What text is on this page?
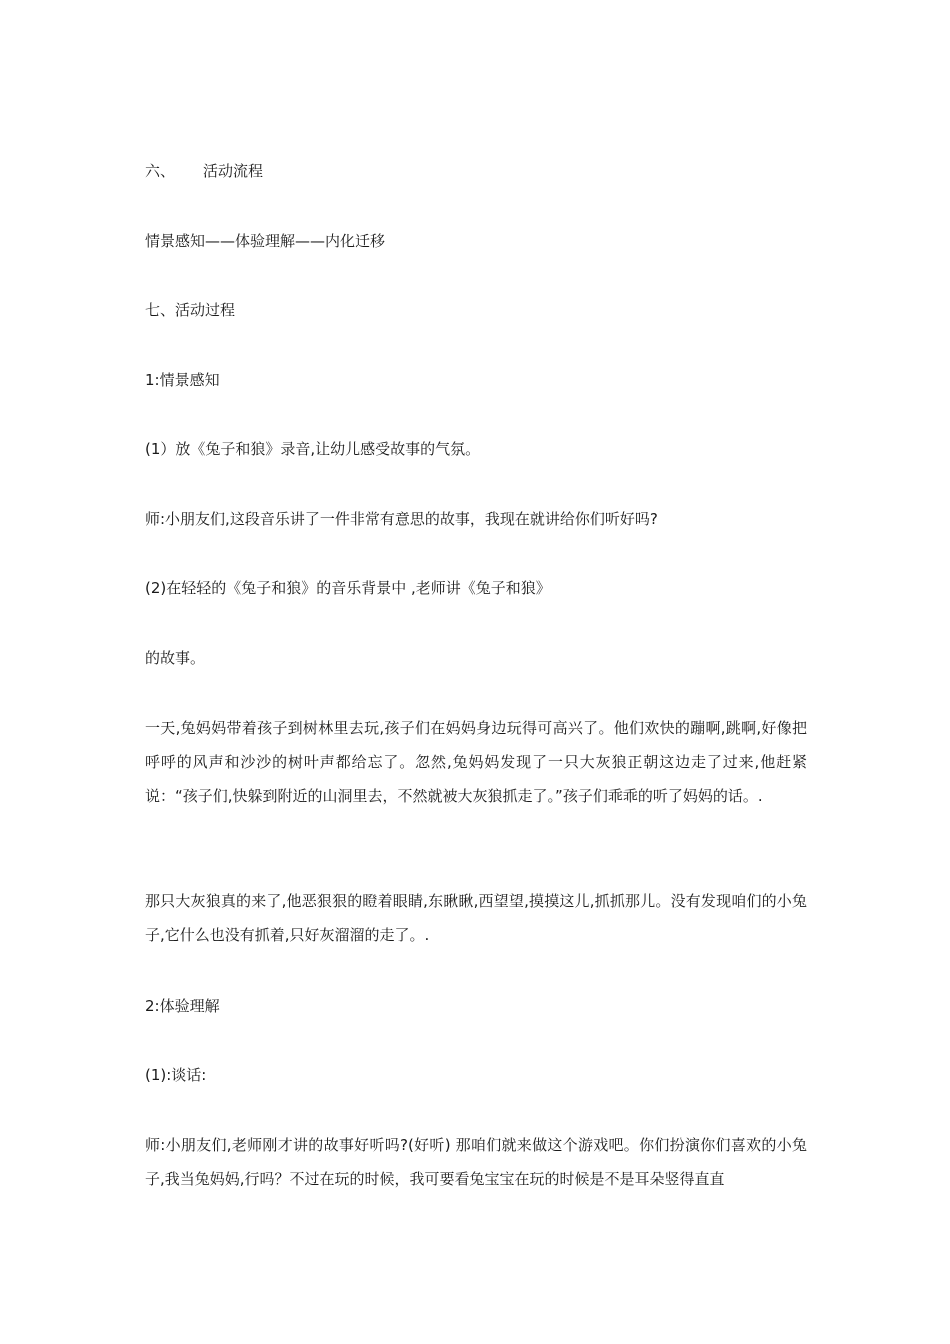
六、 活动流程

情景感知——体验理解——内化迁移

七、活动过程

1:情景感知

(1）放《兔子和狼》录音,让幼儿感受故事的气氛。

师:小朋友们,这段音乐讲了一件非常有意思的故事，我现在就讲给你们听好吗?

(2)在轻轻的《兔子和狼》的音乐背景中 ,老师讲《兔子和狼》

的故事。

一天,兔妈妈带着孩子到树林里去玩,孩子们在妈妈身边玩得可高兴了。他们欢快的蹦啊,跳啊,好像把呼呼的风声和沙沙的树叶声都给忘了。忽然,兔妈妈发现了一只大灰狼正朝这边走了过来,他赶紧说：“孩子们,快躲到附近的山洞里去，不然就被大灰狼抓走了。”孩子们乖乖的听了妈妈的话。.

那只大灰狼真的来了,他恶狠狠的瞪着眼睛,东瞅瞅,西望望,摸摸这儿,抓抓那儿。没有发现咱们的小兔子,它什么也没有抓着,只好灰溜溜的走了。.

2:体验理解

(1):谈话:

师:小朋友们,老师刚才讲的故事好听吗?(好听) 那咱们就来做这个游戏吧。你们扮演你们喜欢的小兔子,我当兔妈妈,行吗？不过在玩的时候，我可要看兔宝宝在玩的时候是不是耳朵竖得直直
